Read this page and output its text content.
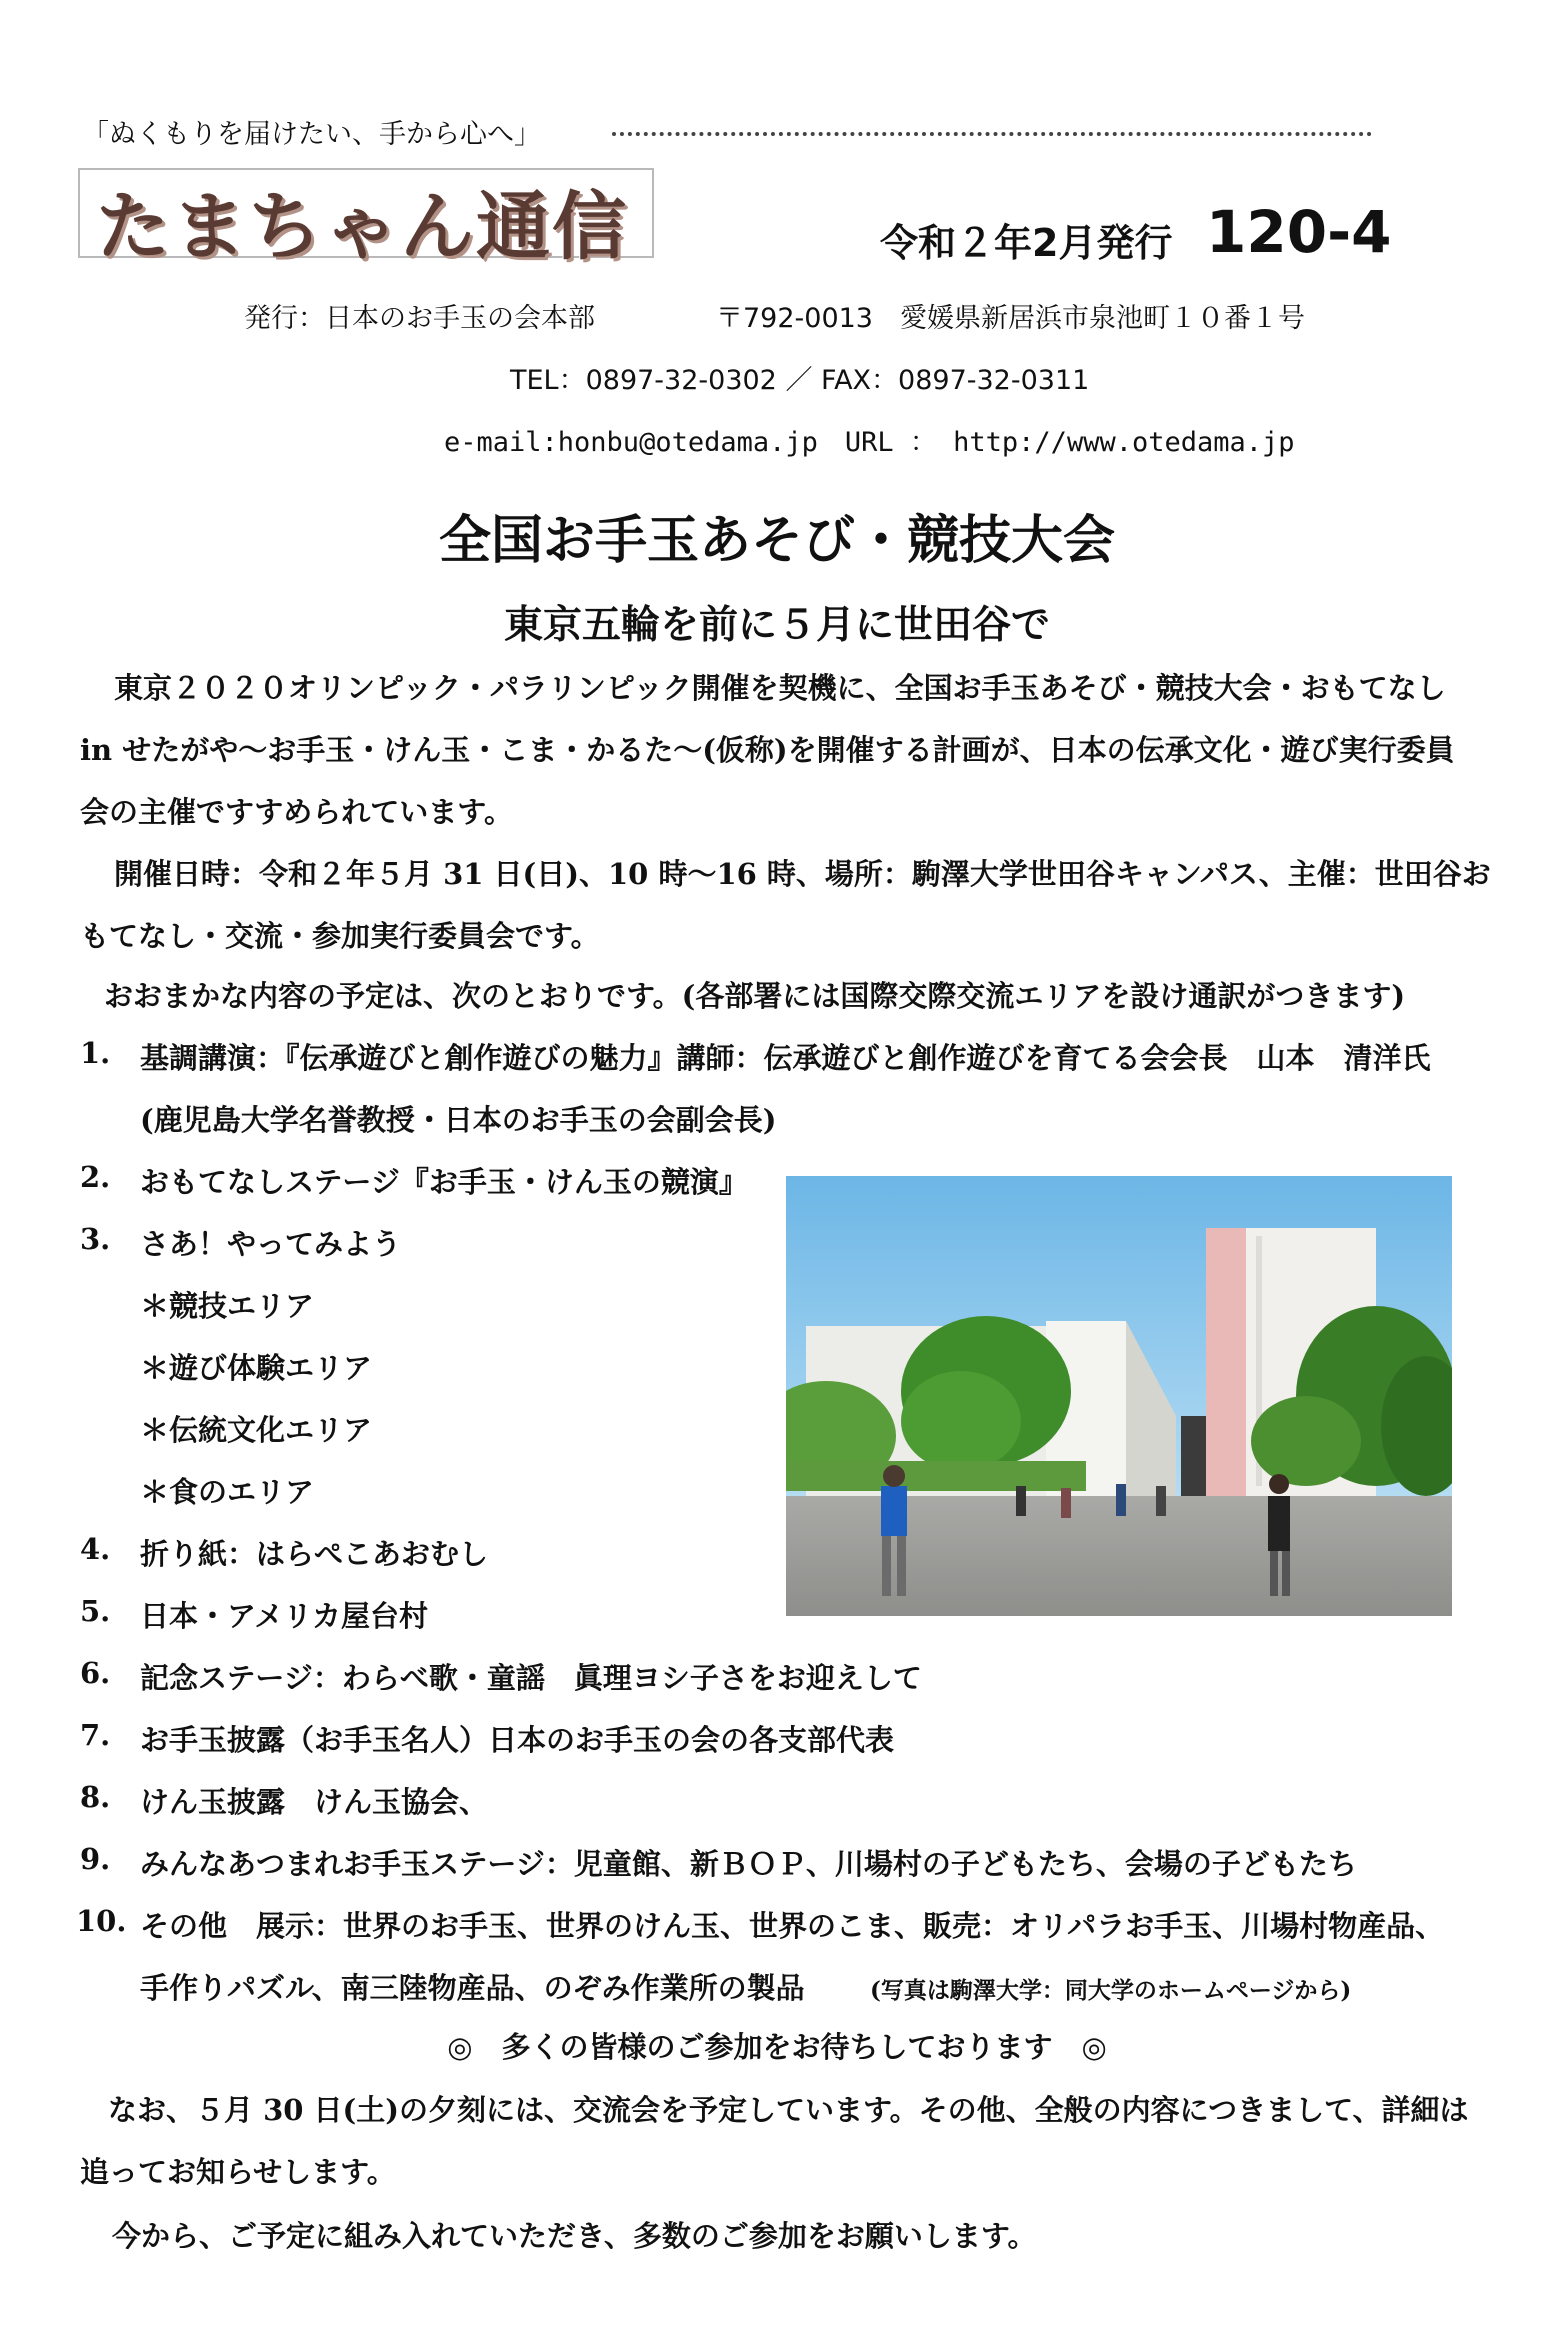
「ぬくもりを届けたい、手から心へ」
たまちゃん通信	令和２年2月発行 120-4
発行：日本のお手玉の会本部	〒792-0013　愛媛県新居浜市泉池町１０番１号
TEL：0897-32-0302 ／ FAX：0897-32-0311
e-mail:honbu@otedama.jp　URL ： http://www.otedama.jp
全国お手玉あそび・競技大会
東京五輪を前に５月に世田谷で
東京２０２０オリンピック・パラリンピック開催を契機に、全国お手玉あそび・競技大会・おもてなし
in せたがや～お手玉・けん玉・こま・かるた～(仮称)を開催する計画が、日本の伝承文化・遊び実行委員
会の主催ですすめられています。
開催日時：令和２年５月 31 日(日)、10 時～16 時、場所：駒澤大学世田谷キャンパス、主催：世田谷お
もてなし・交流・参加実行委員会です。
おおまかな内容の予定は、次のとおりです。(各部署には国際交際交流エリアを設け通訳がつきます)
1. 基調講演：『伝承遊びと創作遊びの魅力』講師：伝承遊びと創作遊びを育てる会会長　山本　清洋氏
(鹿児島大学名誉教授・日本のお手玉の会副会長)
2. おもてなしステージ『お手玉・けん玉の競演』
3. さあ！やってみよう
＊競技エリア
＊遊び体験エリア
＊伝統文化エリア
＊食のエリア
4. 折り紙：はらぺこあおむし
5. 日本・アメリカ屋台村
6. 記念ステージ：わらべ歌・童謡　眞理ヨシ子さをお迎えして
7. お手玉披露（お手玉名人）日本のお手玉の会の各支部代表
8. けん玉披露　けん玉協会、
9. みんなあつまれお手玉ステージ：児童館、新ＢＯＰ、川場村の子どもたち、会場の子どもたち
10. その他　展示：世界のお手玉、世界のけん玉、世界のこま、販売：オリパラお手玉、川場村物産品、
手作りパズル、南三陸物産品、のぞみ作業所の製品	(写真は駒澤大学：同大学のホームページから)
◎　多くの皆様のご参加をお待ちしております　◎
なお、５月 30 日(土)の夕刻には、交流会を予定しています。その他、全般の内容につきまして、詳細は
追ってお知らせします。
今から、ご予定に組み入れていただき、多数のご参加をお願いします。
